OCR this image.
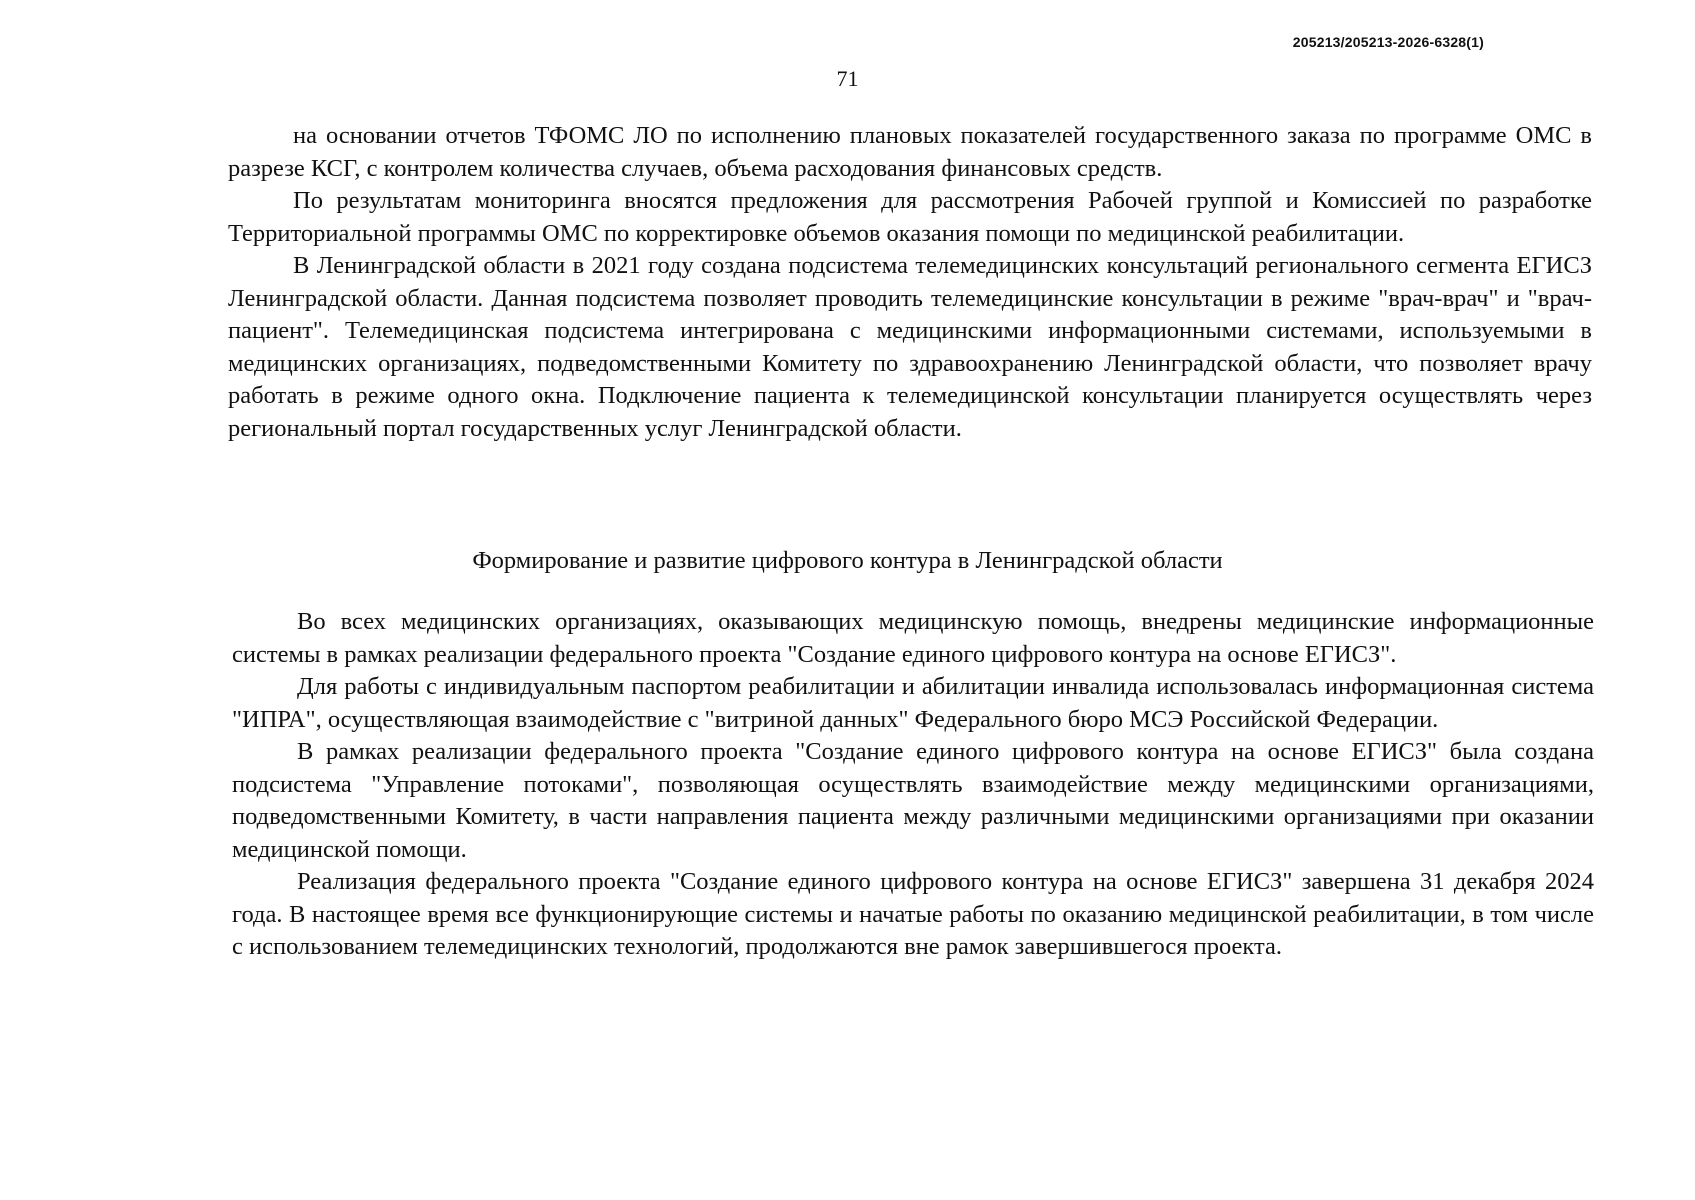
205213/205213-2026-6328(1)
71

на основании отчетов ТФОМС ЛО по исполнению плановых показателей государственного заказа по программе ОМС в разрезе КСГ, с контролем количества случаев, объема расходования финансовых средств.

По результатам мониторинга вносятся предложения для рассмотрения Рабочей группой и Комиссией по разработке Территориальной программы ОМС по корректировке объемов оказания помощи по медицинской реабилитации.

В Ленинградской области в 2021 году создана подсистема телемедицинских консультаций регионального сегмента ЕГИСЗ Ленинградской области. Данная подсистема позволяет проводить телемедицинские консультации в режиме "врач-врач" и "врач-пациент". Телемедицинская подсистема интегрирована с медицинскими информационными системами, используемыми в медицинских организациях, подведомственными Комитету по здравоохранению Ленинградской области, что позволяет врачу работать в режиме одного окна. Подключение пациента к телемедицинской консультации планируется осуществлять через региональный портал государственных услуг Ленинградской области.

Формирование и развитие цифрового контура в Ленинградской области

Во всех медицинских организациях, оказывающих медицинскую помощь, внедрены медицинские информационные системы в рамках реализации федерального проекта "Создание единого цифрового контура на основе ЕГИСЗ".

Для работы с индивидуальным паспортом реабилитации и абилитации инвалида использовалась информационная система "ИПРА", осуществляющая взаимодействие с "витриной данных" Федерального бюро МСЭ Российской Федерации.

В рамках реализации федерального проекта "Создание единого цифрового контура на основе ЕГИСЗ" была создана подсистема "Управление потоками", позволяющая осуществлять взаимодействие между медицинскими организациями, подведомственными Комитету, в части направления пациента между различными медицинскими организациями при оказании медицинской помощи.

Реализация федерального проекта "Создание единого цифрового контура на основе ЕГИСЗ" завершена 31 декабря 2024 года. В настоящее время все функционирующие системы и начатые работы по оказанию медицинской реабилитации, в том числе с использованием телемедицинских технологий, продолжаются вне рамок завершившегося проекта.
